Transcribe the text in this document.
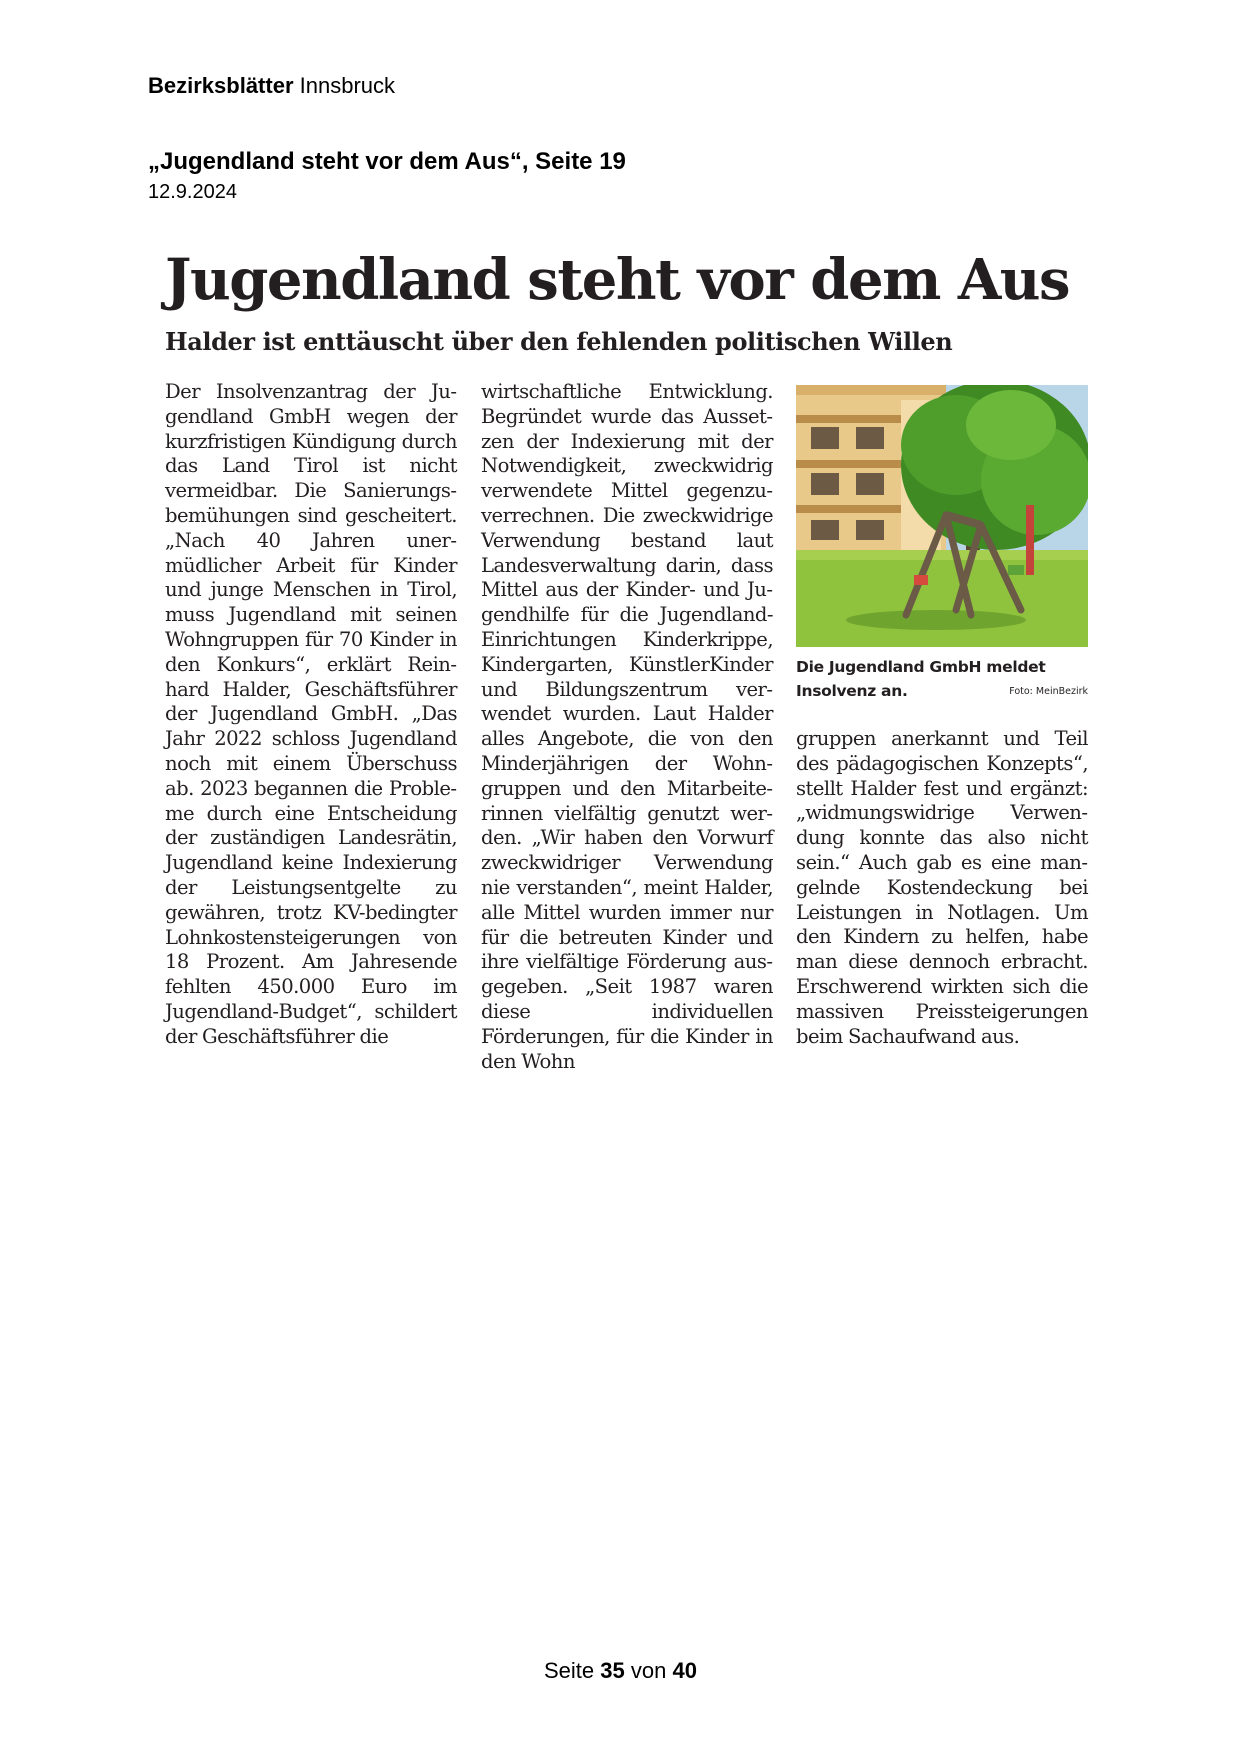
Bezirksblätter Innsbruck
„Jugendland steht vor dem Aus“, Seite 19
12.9.2024
Jugendland steht vor dem Aus
Halder ist enttäuscht über den fehlenden politischen Willen
Der Insolvenzantrag der Jugendland GmbH wegen der kurzfristigen Kündigung durch das Land Tirol ist nicht vermeidbar. Die Sanierungsbemühungen sind gescheitert. „Nach 40 Jahren unermüdlicher Arbeit für Kinder und junge Menschen in Tirol, muss Jugendland mit seinen Wohngruppen für 70 Kinder in den Konkurs“, erklärt Reinhard Halder, Geschäftsführer der Jugendland GmbH. „Das Jahr 2022 schloss Jugendland noch mit einem Überschuss ab. 2023 begannen die Probleme durch eine Entscheidung der zuständigen Landesrätin, Jugendland keine Indexierung der Leistungsentgelte zu gewähren, trotz KV-bedingter Lohnkostensteigerungen von 18 Prozent. Am Jahresende fehlten 450.000 Euro im Jugendland-Budget“, schildert der Geschäftsführer die
wirtschaftliche Entwicklung. Begründet wurde das Aussetzen der Indexierung mit der Notwendigkeit, zweckwidrig verwendete Mittel gegenzuverrechnen. Die zweckwidrige Verwendung bestand laut Landesverwaltung darin, dass Mittel aus der Kinder- und Jugendhilfe für die Jugendland-Einrichtungen Kinderkrippe, Kindergarten, KünstlerKinder und Bildungszentrum verwendet wurden. Laut Halder alles Angebote, die von den Minderjährigen der Wohngruppen und den Mitarbeiterinnen vielfältig genutzt werden. „Wir haben den Vorwurf zweckwidriger Verwendung nie verstanden“, meint Halder, alle Mittel wurden immer nur für die betreuten Kinder und ihre vielfältige Förderung ausgegeben. „Seit 1987 waren diese individuellen Förderungen, für die Kinder in den Wohn
Die Jugendland GmbH meldet Insolvenz an.	Foto: MeinBezirk
gruppen anerkannt und Teil des pädagogischen Konzepts“, stellt Halder fest und ergänzt: „widmungswidrige Verwendung konnte das also nicht sein.“ Auch gab es eine mangelnde Kostendeckung bei Leistungen in Notlagen. Um den Kindern zu helfen, habe man diese dennoch erbracht. Erschwerend wirkten sich die massiven Preissteigerungen beim Sachaufwand aus.
Seite 35 von 40
